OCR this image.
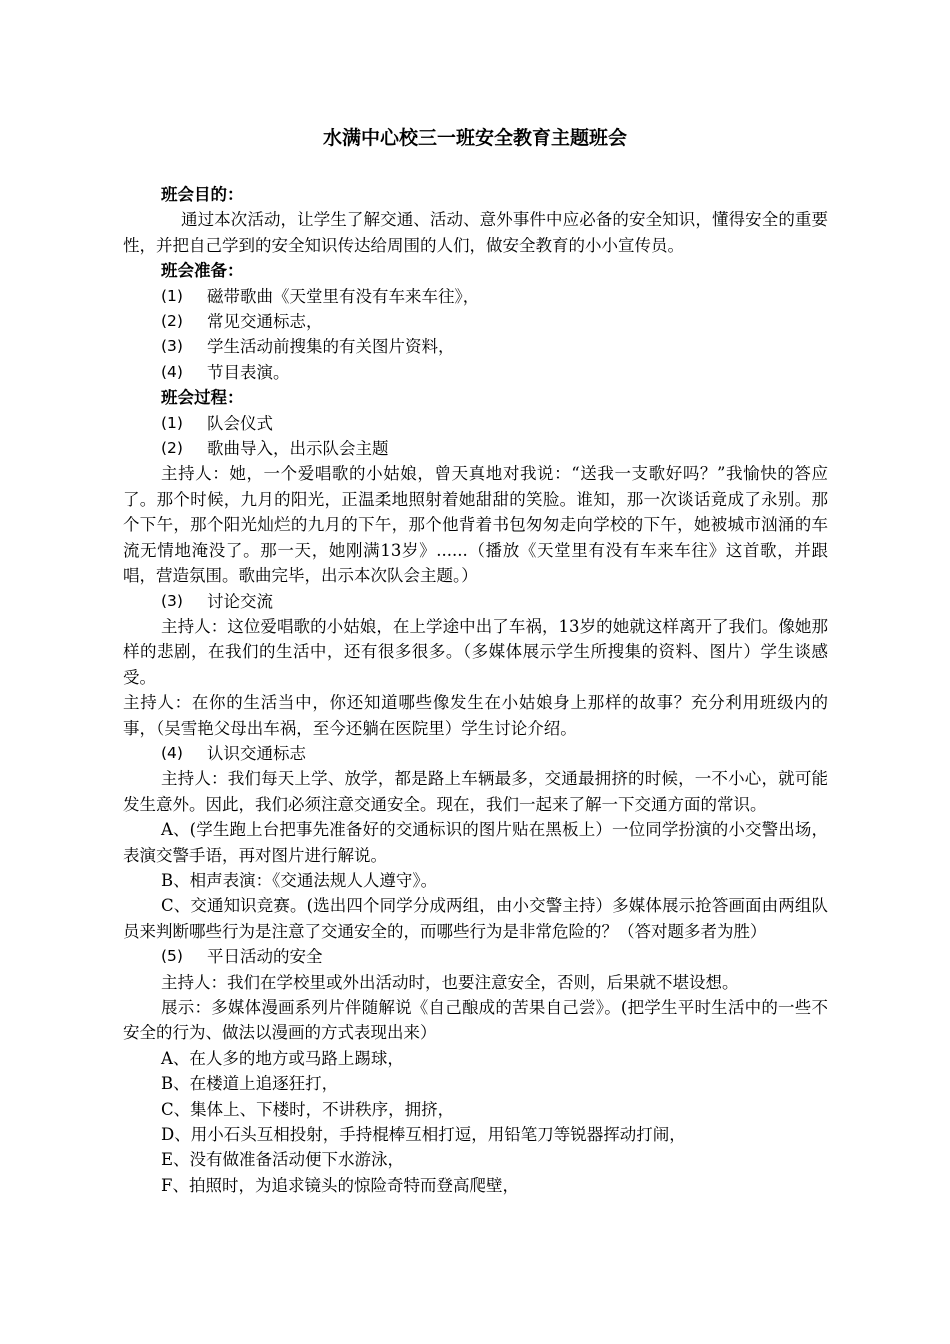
水满中心校三一班安全教育主题班会

班会目的：

通过本次活动，让学生了解交通、活动、意外事件中应必备的安全知识，懂得安全的重要性，并把自己学到的安全知识传达给周围的人们，做安全教育的小小宣传员。

班会准备：

(1)	磁带歌曲《天堂里有没有车来车往》，
(2)	常见交通标志，
(3)	学生活动前搜集的有关图片资料，
(4)	节目表演。

班会过程：

(1)	队会仪式
(2)	歌曲导入，出示队会主题

主持人：她，一个爱唱歌的小姑娘，曾天真地对我说：“送我一支歌好吗？”我愉快的答应了。那个时候，九月的阳光，正温柔地照射着她甜甜的笑脸。谁知，那一次谈话竟成了永别。那个下午，那个阳光灿烂的九月的下午，那个他背着书包匆匆走向学校的下午，她被城市汹涌的车流无情地淹没了。那一天，她刚满13岁》......（播放《天堂里有没有车来车往》这首歌，并跟唱，营造氛围。歌曲完毕，出示本次队会主题。）

(3)	讨论交流

主持人：这位爱唱歌的小姑娘，在上学途中出了车祸，13岁的她就这样离开了我们。像她那样的悲剧，在我们的生活中，还有很多很多。（多媒体展示学生所搜集的资料、图片）学生谈感受。

主持人：在你的生活当中，你还知道哪些像发生在小姑娘身上那样的故事？充分利用班级内的事，（吴雪艳父母出车祸，至今还躺在医院里）学生讨论介绍。

(4)	认识交通标志

主持人：我们每天上学、放学，都是路上车辆最多，交通最拥挤的时候，一不小心，就可能发生意外。因此，我们必须注意交通安全。现在，我们一起来了解一下交通方面的常识。

A、(学生跑上台把事先准备好的交通标识的图片贴在黑板上）一位同学扮演的小交警出场，表演交警手语，再对图片进行解说。

B、相声表演：《交通法规人人遵守》。

C、交通知识竞赛。(选出四个同学分成两组，由小交警主持）多媒体展示抢答画面由两组队员来判断哪些行为是注意了交通安全的，而哪些行为是非常危险的？（答对题多者为胜）

(5)	平日活动的安全

主持人：我们在学校里或外出活动时，也要注意安全，否则，后果就不堪设想。

展示：多媒体漫画系列片伴随解说《自己酿成的苦果自己尝》。(把学生平时生活中的一些不安全的行为、做法以漫画的方式表现出来）

A、在人多的地方或马路上踢球，

B、在楼道上追逐狂打，

C、集体上、下楼时，不讲秩序，拥挤，

D、用小石头互相投射，手持棍棒互相打逗，用铅笔刀等锐器挥动打闹，

E、没有做准备活动便下水游泳，

F、拍照时，为追求镜头的惊险奇特而登高爬壁，
